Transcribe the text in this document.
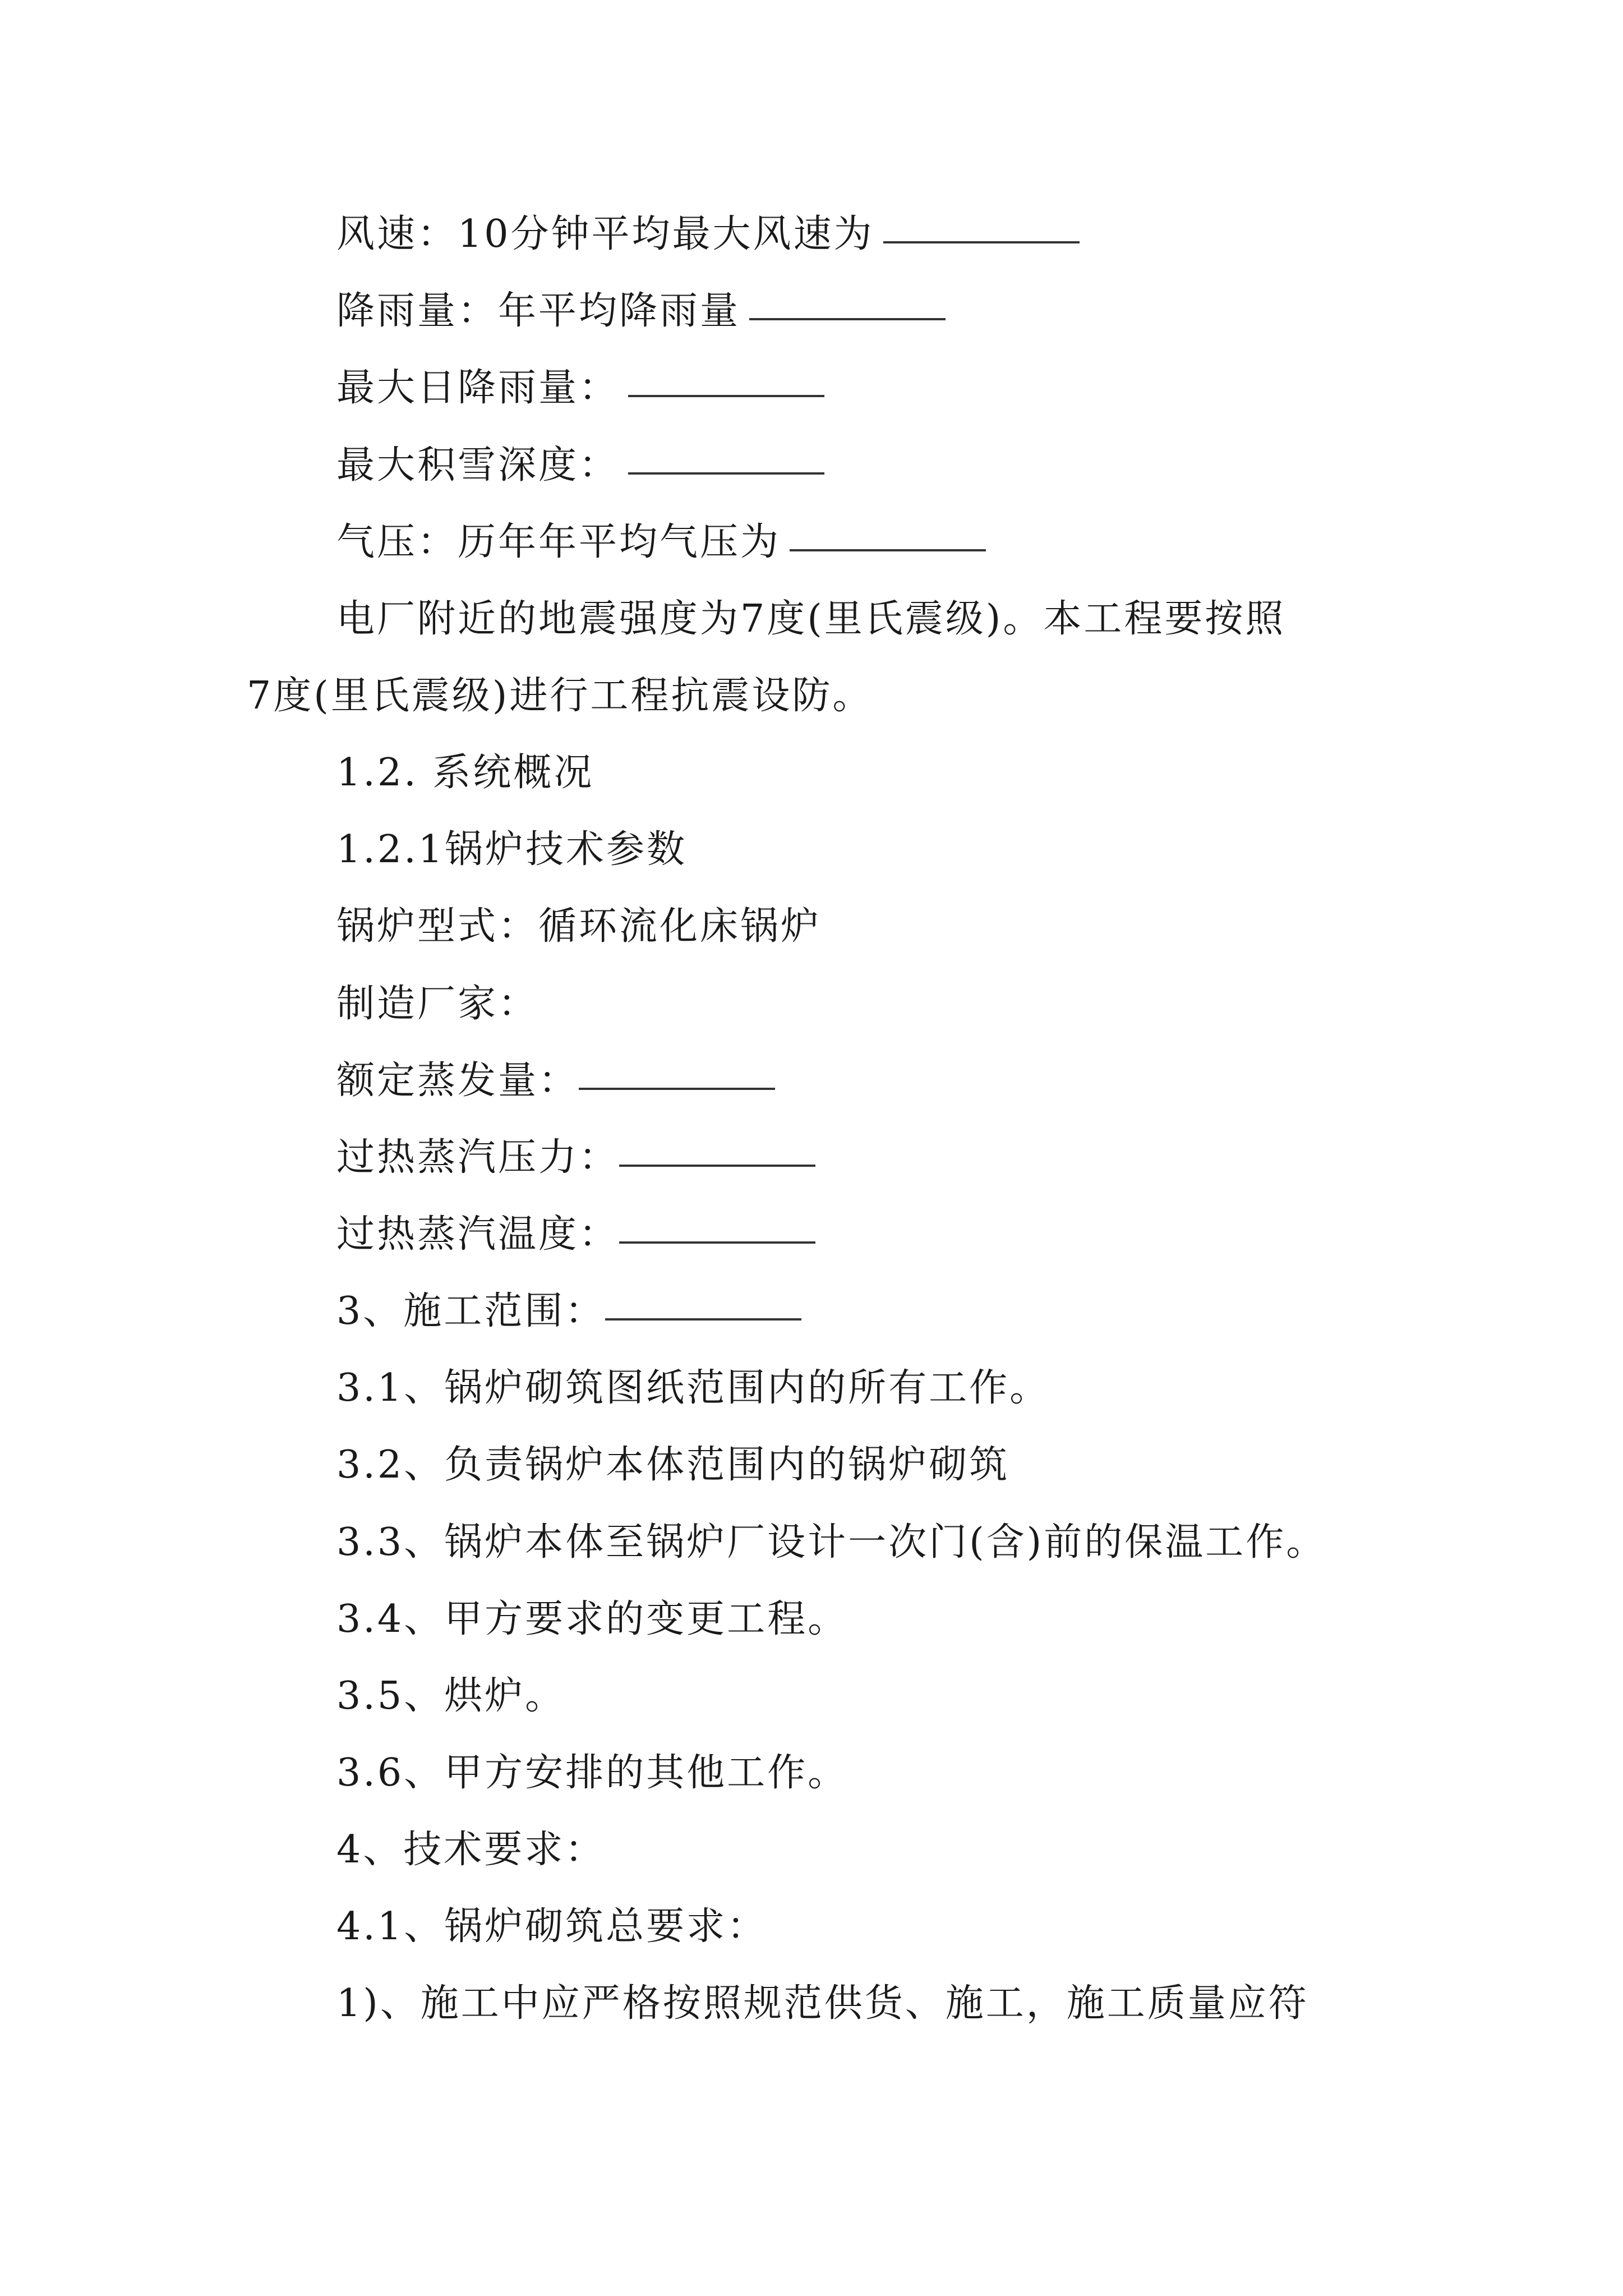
风速：10分钟平均最大风速为
降雨量：年平均降雨量
最大日降雨量：
最大积雪深度：
气压：历年年平均气压为
电厂附近的地震强度为7度(里氏震级)。本工程要按照
7度(里氏震级)进行工程抗震设防。
1.2. 系统概况
1.2.1锅炉技术参数
锅炉型式：循环流化床锅炉
制造厂家：
额定蒸发量：
过热蒸汽压力：
过热蒸汽温度：
3、施工范围：
3.1、锅炉砌筑图纸范围内的所有工作。
3.2、负责锅炉本体范围内的锅炉砌筑
3.3、锅炉本体至锅炉厂设计一次门(含)前的保温工作。
3.4、甲方要求的变更工程。
3.5、烘炉。
3.6、甲方安排的其他工作。
4、技术要求：
4.1、锅炉砌筑总要求：
1)、施工中应严格按照规范供货、施工，施工质量应符
